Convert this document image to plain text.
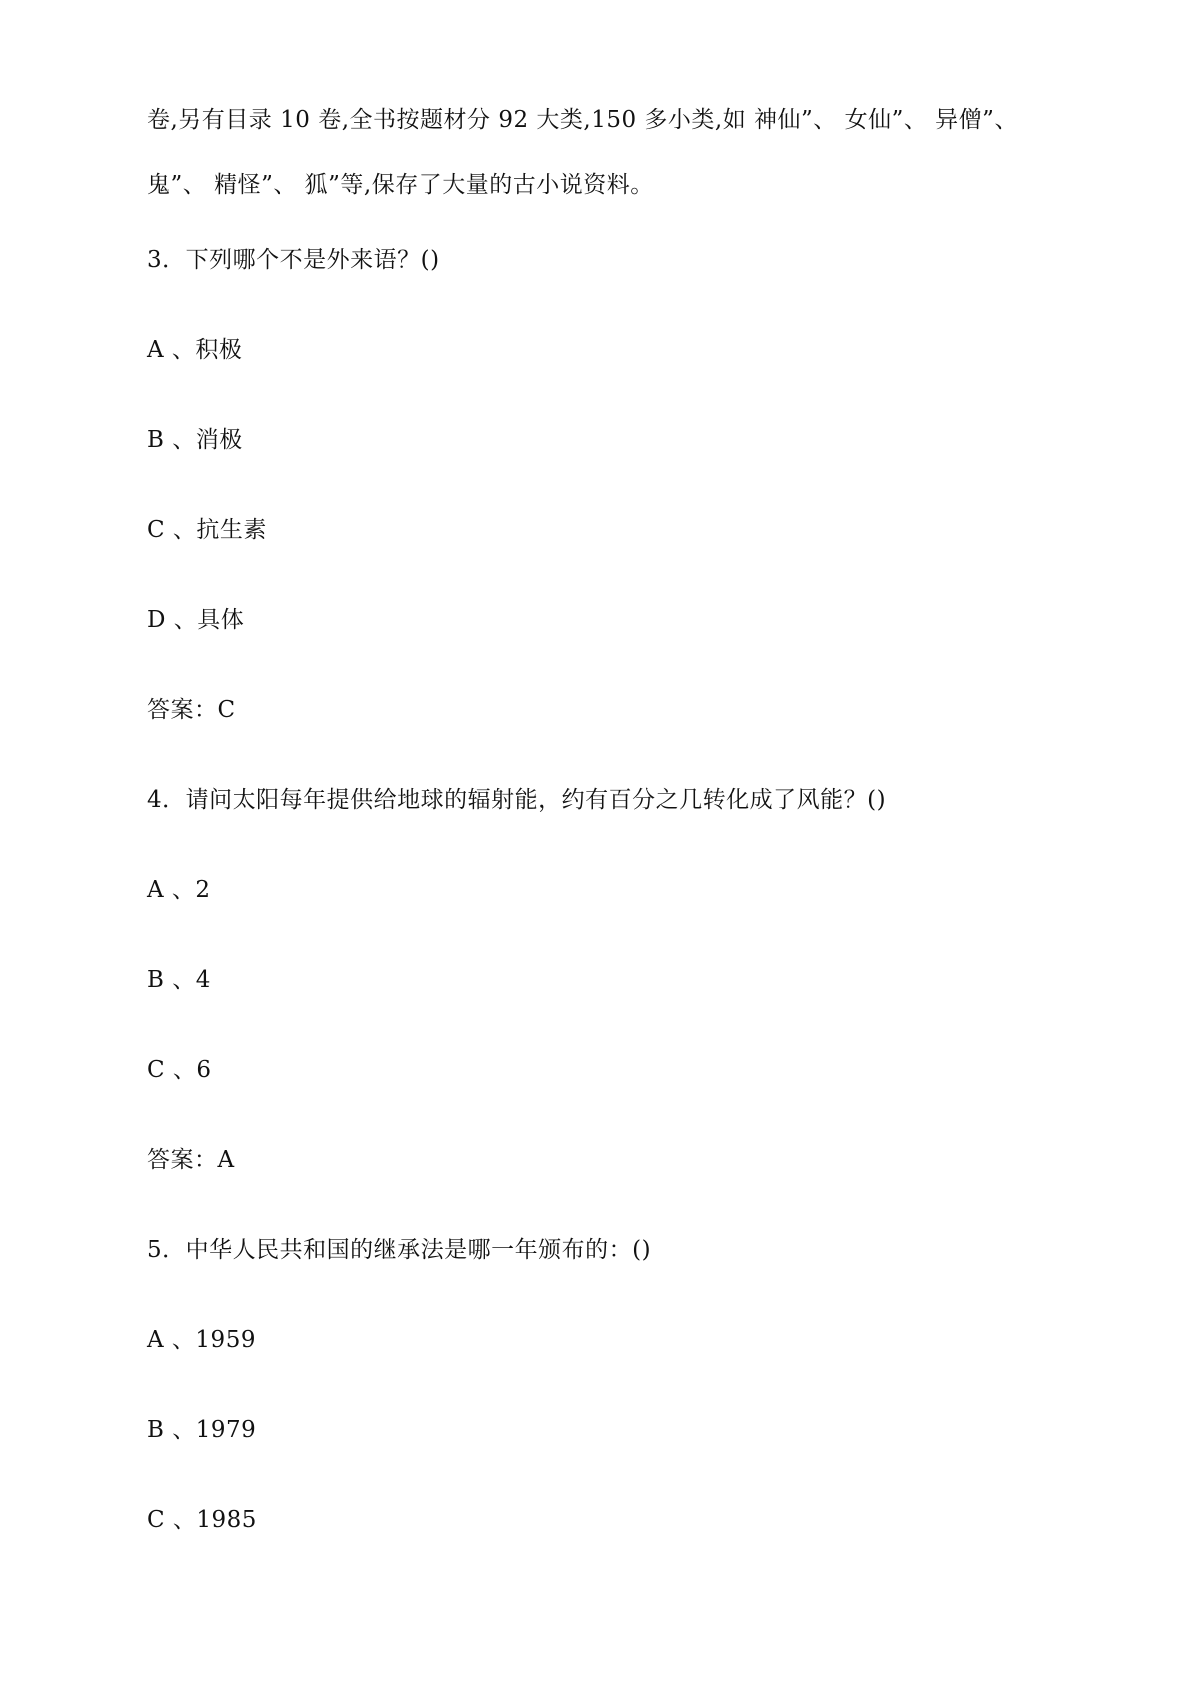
卷,另有目录 10 卷,全书按题材分 92 大类,150 多小类,如 神仙”、 女仙”、 异僧”、
鬼”、 精怪”、 狐”等,保存了大量的古小说资料。
3．下列哪个不是外来语？()
A 、积极
B 、消极
C 、抗生素
D 、具体
答案：C
4．请问太阳每年提供给地球的辐射能，约有百分之几转化成了风能？()
A 、2
B 、4
C 、6
答案：A
5．中华人民共和国的继承法是哪一年颁布的：()
A 、1959
B 、1979
C 、1985
